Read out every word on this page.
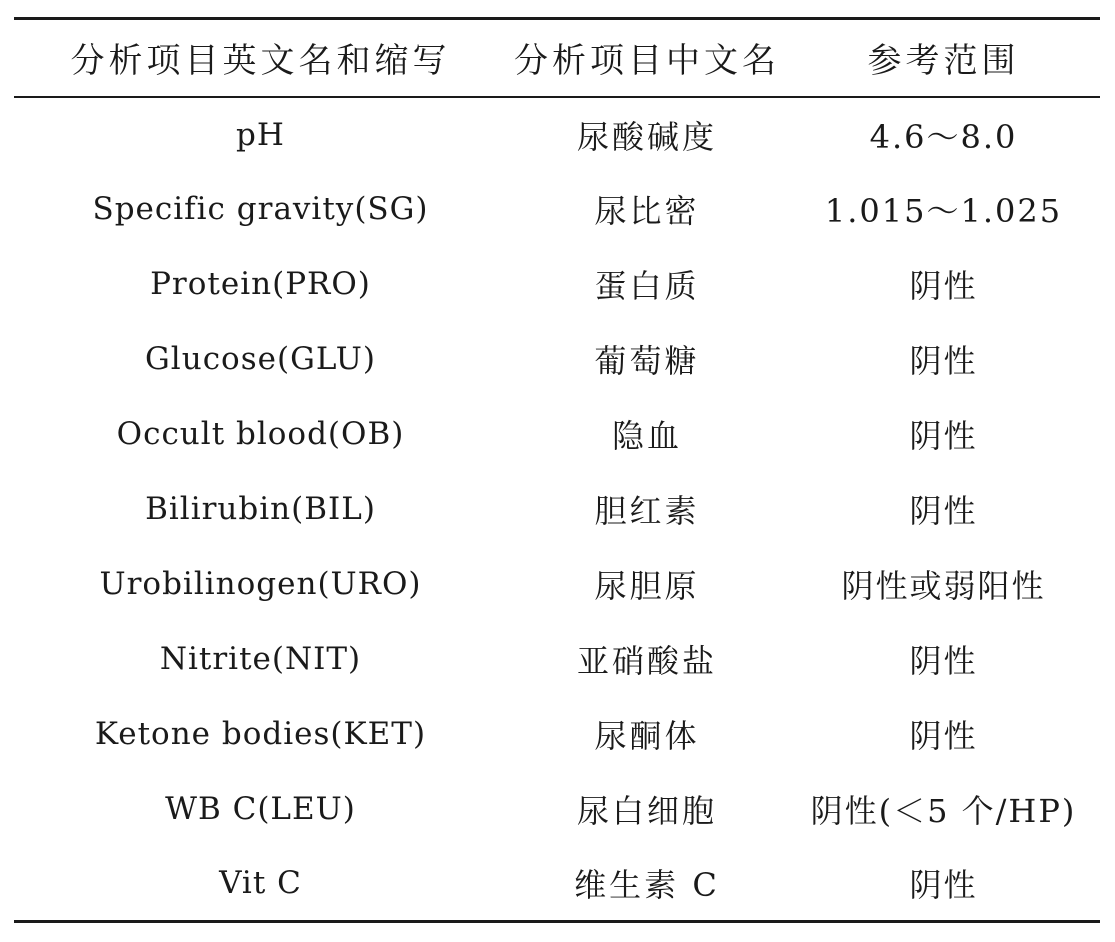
分析项目英文名和缩写	分析项目中文名	参考范围
pH	尿酸碱度	4.6～8.0
Specific gravity(SG)	尿比密	1.015～1.025
Protein(PRO)	蛋白质	阴性
Glucose(GLU)	葡萄糖	阴性
Occult blood(OB)	隐血	阴性
Bilirubin(BIL)	胆红素	阴性
Urobilinogen(URO)	尿胆原	阴性或弱阳性
Nitrite(NIT)	亚硝酸盐	阴性
Ketone bodies(KET)	尿酮体	阴性
WB C(LEU)	尿白细胞	阴性(＜5 个/HP)
Vit C	维生素 C	阴性
